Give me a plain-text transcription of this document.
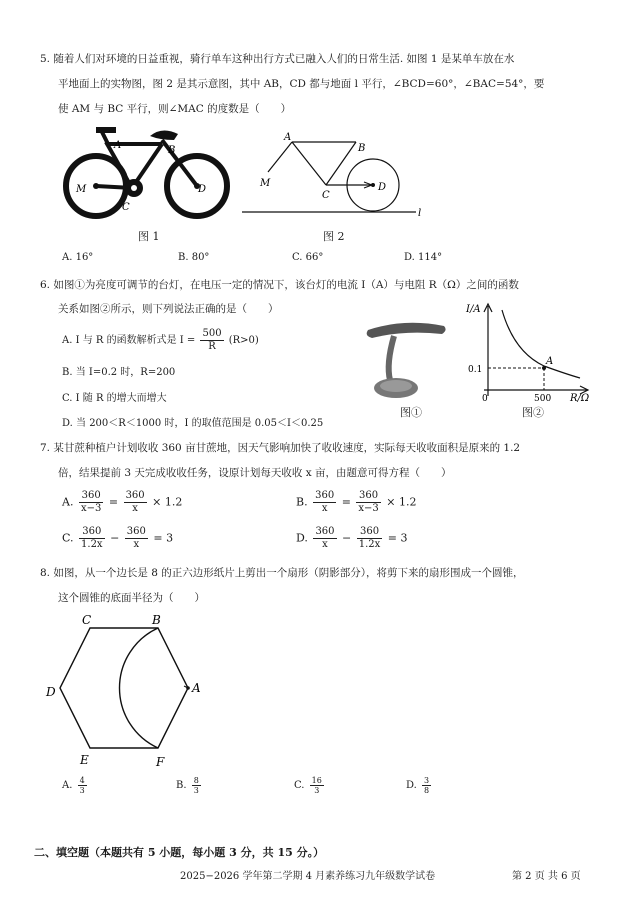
5. 随着人们对环境的日益重视，骑行单车这种出行方式已融入人们的日常生活. 如图 1 是某单车放在水
平地面上的实物图，图 2 是其示意图，其中 AB，CD 都与地面 l 平行，∠BCD=60°，∠BAC=54°，要
使 AM 与 BC 平行，则∠MAC 的度数是（　　）
A	B
M
C
D
图 1
A
B
M
C
D
l
图 2
A. 16°	B. 80°	C. 66°	D. 114°
6. 如图①为亮度可调节的台灯，在电压一定的情况下，该台灯的电流 I（A）与电阻 R（Ω）之间的函数
关系如图②所示，则下列说法正确的是（　　）
A. I 与 R 的函数解析式是 $I = \frac{500}{R} (R>0)$
B. 当 I=0.2 时，R=200
C. I 随 R 的增大而增大
D. 当 200＜R＜1000 时，I 的取值范围是 0.05＜I＜0.25
图①
I/A
R/Ω
0.1
500
0
A
图②
7. 某甘蔗种植户计划收收 360 亩甘蔗地，因天气影响加快了收收速度，实际每天收收面积是原来的 1.2
倍，结果提前 3 天完成收收任务，设原计划每天收收 x 亩，由题意可得方程（　　）
A. $\frac{360}{x-3} = \frac{360}{x} \times 1.2$	B. $\frac{360}{x} = \frac{360}{x-3} \times 1.2$
C. $\frac{360}{1.2x} - \frac{360}{x} = 3$	D. $\frac{360}{x} - \frac{360}{1.2x} = 3$
8. 如图，从一个边长是 8 的正六边形纸片上剪出一个扇形（阴影部分），将剪下来的扇形围成一个圆锥，
这个圆锥的底面半径为（　　）
C	B
A
D
E	F
A. $\frac{4}{3}$	B. $\frac{8}{3}$	C. $\frac{16}{3}$	D. $\frac{3}{8}$
二、填空题（本题共有 5 小题，每小题 3 分，共 15 分。）
2025−2026 学年第二学期 4 月素养练习九年级数学试卷	第 2 页 共 6 页
